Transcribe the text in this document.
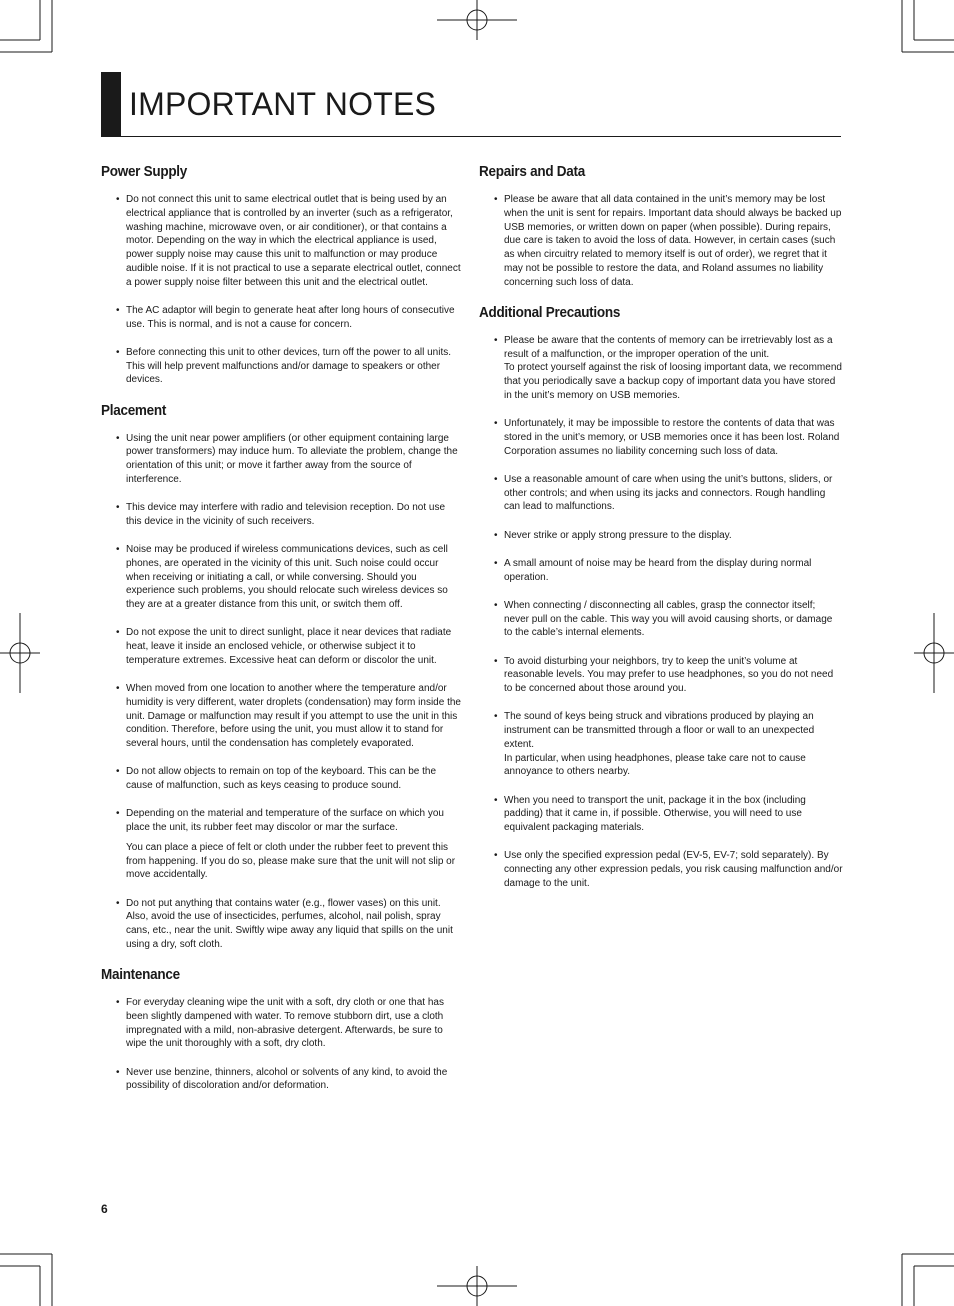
IMPORTANT NOTES
Power Supply
• Do not connect this unit to same electrical outlet that is being used by an electrical appliance that is controlled by an inverter (such as a refrigerator, washing machine, microwave oven, or air conditioner), or that contains a motor. Depending on the way in which the electrical appliance is used, power supply noise may cause this unit to malfunction or may produce audible noise. If it is not practical to use a separate electrical outlet, connect a power supply noise filter between this unit and the electrical outlet.

• The AC adaptor will begin to generate heat after long hours of consecutive use. This is normal, and is not a cause for concern.

• Before connecting this unit to other devices, turn off the power to all units. This will help prevent malfunctions and/or damage to speakers or other devices.

Placement
• Using the unit near power amplifiers (or other equipment containing large power transformers) may induce hum. To alleviate the problem, change the orientation of this unit; or move it farther away from the source of interference.

• This device may interfere with radio and television reception. Do not use this device in the vicinity of such receivers.

• Noise may be produced if wireless communications devices, such as cell phones, are operated in the vicinity of this unit. Such noise could occur when receiving or initiating a call, or while conversing. Should you experience such problems, you should relocate such wireless devices so they are at a greater distance from this unit, or switch them off.

• Do not expose the unit to direct sunlight, place it near devices that radiate heat, leave it inside an enclosed vehicle, or otherwise subject it to temperature extremes. Excessive heat can deform or discolor the unit.

• When moved from one location to another where the temperature and/or humidity is very different, water droplets (condensation) may form inside the unit. Damage or malfunction may result if you attempt to use the unit in this condition. Therefore, before using the unit, you must allow it to stand for several hours, until the condensation has completely evaporated.

• Do not allow objects to remain on top of the keyboard. This can be the cause of malfunction, such as keys ceasing to produce sound.

• Depending on the material and temperature of the surface on which you place the unit, its rubber feet may discolor or mar the surface.

You can place a piece of felt or cloth under the rubber feet to prevent this from happening. If you do so, please make sure that the unit will not slip or move accidentally.

• Do not put anything that contains water (e.g., flower vases) on this unit. Also, avoid the use of insecticides, perfumes, alcohol, nail polish, spray cans, etc., near the unit. Swiftly wipe away any liquid that spills on the unit using a dry, soft cloth.

Maintenance
• For everyday cleaning wipe the unit with a soft, dry cloth or one that has been slightly dampened with water. To remove stubborn dirt, use a cloth impregnated with a mild, non-abrasive detergent. Afterwards, be sure to wipe the unit thoroughly with a soft, dry cloth.

• Never use benzine, thinners, alcohol or solvents of any kind, to avoid the possibility of discoloration and/or deformation.

Repairs and Data
• Please be aware that all data contained in the unit’s memory may be lost when the unit is sent for repairs. Important data should always be backed up USB memories, or written down on paper (when possible). During repairs, due care is taken to avoid the loss of data. However, in certain cases (such as when circuitry related to memory itself is out of order), we regret that it may not be possible to restore the data, and Roland assumes no liability concerning such loss of data.

Additional Precautions
• Please be aware that the contents of memory can be irretrievably lost as a result of a malfunction, or the improper operation of the unit.
To protect yourself against the risk of loosing important data, we recommend that you periodically save a backup copy of important data you have stored in the unit’s memory on USB memories.

• Unfortunately, it may be impossible to restore the contents of data that was stored in the unit’s memory, or USB memories once it has been lost. Roland Corporation assumes no liability concerning such loss of data.

• Use a reasonable amount of care when using the unit’s buttons, sliders, or other controls; and when using its jacks and connectors. Rough handling can lead to malfunctions.

• Never strike or apply strong pressure to the display.

• A small amount of noise may be heard from the display during normal operation.

• When connecting / disconnecting all cables, grasp the connector itself; never pull on the cable. This way you will avoid causing shorts, or damage to the cable’s internal elements.

• To avoid disturbing your neighbors, try to keep the unit’s volume at reasonable levels. You may prefer to use headphones, so you do not need to be concerned about those around you.

• The sound of keys being struck and vibrations produced by playing an instrument can be transmitted through a floor or wall to an unexpected extent.
In particular, when using headphones, please take care not to cause annoyance to others nearby.

• When you need to transport the unit, package it in the box (including padding) that it came in, if possible. Otherwise, you will need to use equivalent packaging materials.

• Use only the specified expression pedal (EV-5, EV-7; sold separately). By connecting any other expression pedals, you risk causing malfunction and/or damage to the unit.

6
